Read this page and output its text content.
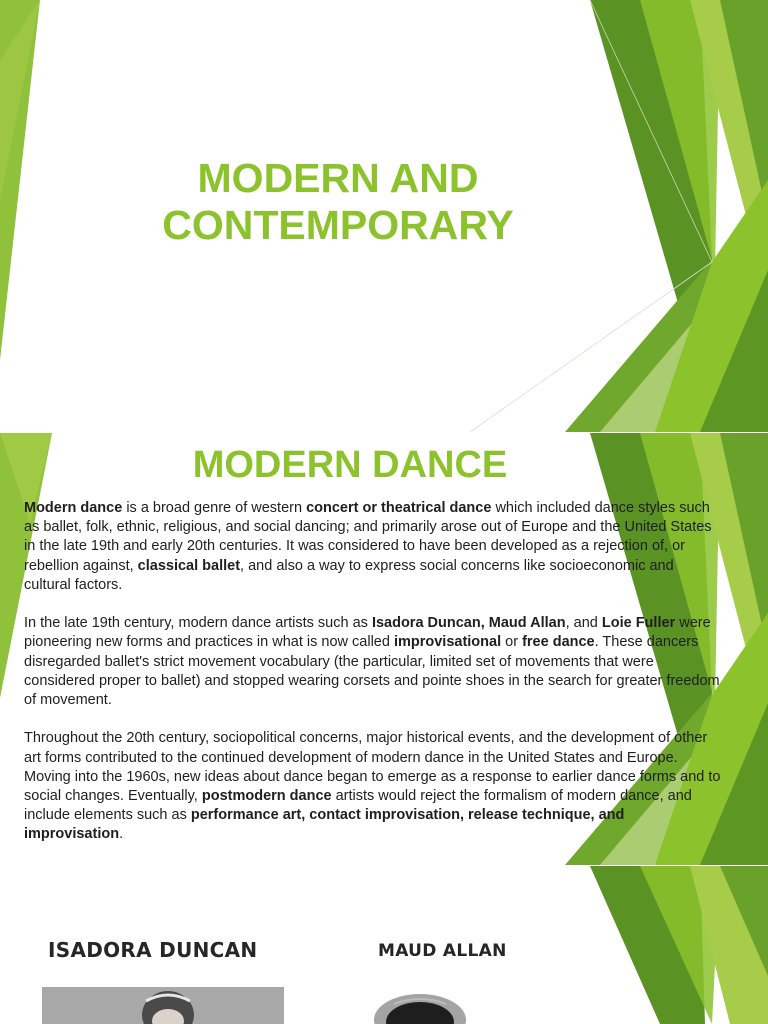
MODERN AND
CONTEMPORARY
MODERN DANCE

Modern dance is a broad genre of western concert or theatrical dance which included dance styles such as ballet, folk, ethnic, religious, and social dancing; and primarily arose out of Europe and the United States in the late 19th and early 20th centuries. It was considered to have been developed as a rejection of, or rebellion against, classical ballet, and also a way to express social concerns like socioeconomic and cultural factors.

In the late 19th century, modern dance artists such as Isadora Duncan, Maud Allan, and Loie Fuller were pioneering new forms and practices in what is now called improvisational or free dance. These dancers disregarded ballet's strict movement vocabulary (the particular, limited set of movements that were considered proper to ballet) and stopped wearing corsets and pointe shoes in the search for greater freedom of movement.

Throughout the 20th century, sociopolitical concerns, major historical events, and the development of other art forms contributed to the continued development of modern dance in the United States and Europe. Moving into the 1960s, new ideas about dance began to emerge as a response to earlier dance forms and to social changes. Eventually, postmodern dance artists would reject the formalism of modern dance, and include elements such as performance art, contact improvisation, release technique, and improvisation.

ISADORA DUNCAN	MAUD ALLAN
